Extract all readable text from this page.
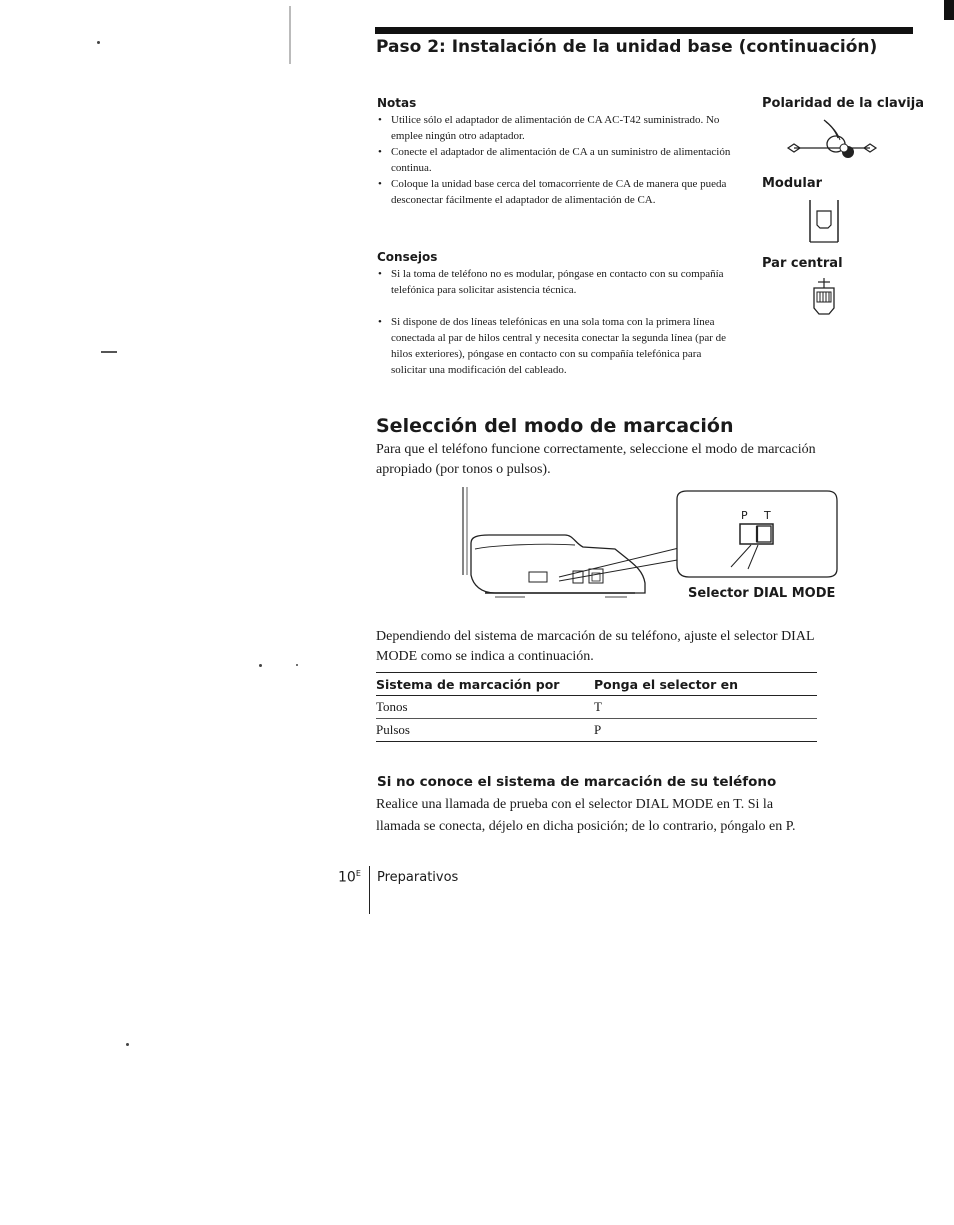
Paso 2: Instalación de la unidad base (continuación)
Notas
• Utilice sólo el adaptador de alimentación de CA AC-T42 suministrado. No emplee ningún otro adaptador.
• Conecte el adaptador de alimentación de CA a un suministro de alimentación continua.
• Coloque la unidad base cerca del tomacorriente de CA de manera que pueda desconectar fácilmente el adaptador de alimentación de CA.
Consejos
• Si la toma de teléfono no es modular, póngase en contacto con su compañía telefónica para solicitar asistencia técnica.
• Si dispone de dos líneas telefónicas en una sola toma con la primera línea conectada al par de hilos central y necesita conectar la segunda línea (par de hilos exteriores), póngase en contacto con su compañía telefónica para solicitar una modificación del cableado.
Polaridad de la clavija
Modular
Par central
Selección del modo de marcación
Para que el teléfono funcione correctamente, seleccione el modo de marcación apropiado (por tonos o pulsos).
P T
Selector DIAL MODE
Dependiendo del sistema de marcación de su teléfono, ajuste el selector DIAL MODE como se indica a continuación.
Sistema de marcación por	Ponga el selector en
Tonos	T
Pulsos	P
Si no conoce el sistema de marcación de su teléfono
Realice una llamada de prueba con el selector DIAL MODE en T. Si la llamada se conecta, déjelo en dicha posición; de lo contrario, póngalo en P.
$10^E$ Preparativos
